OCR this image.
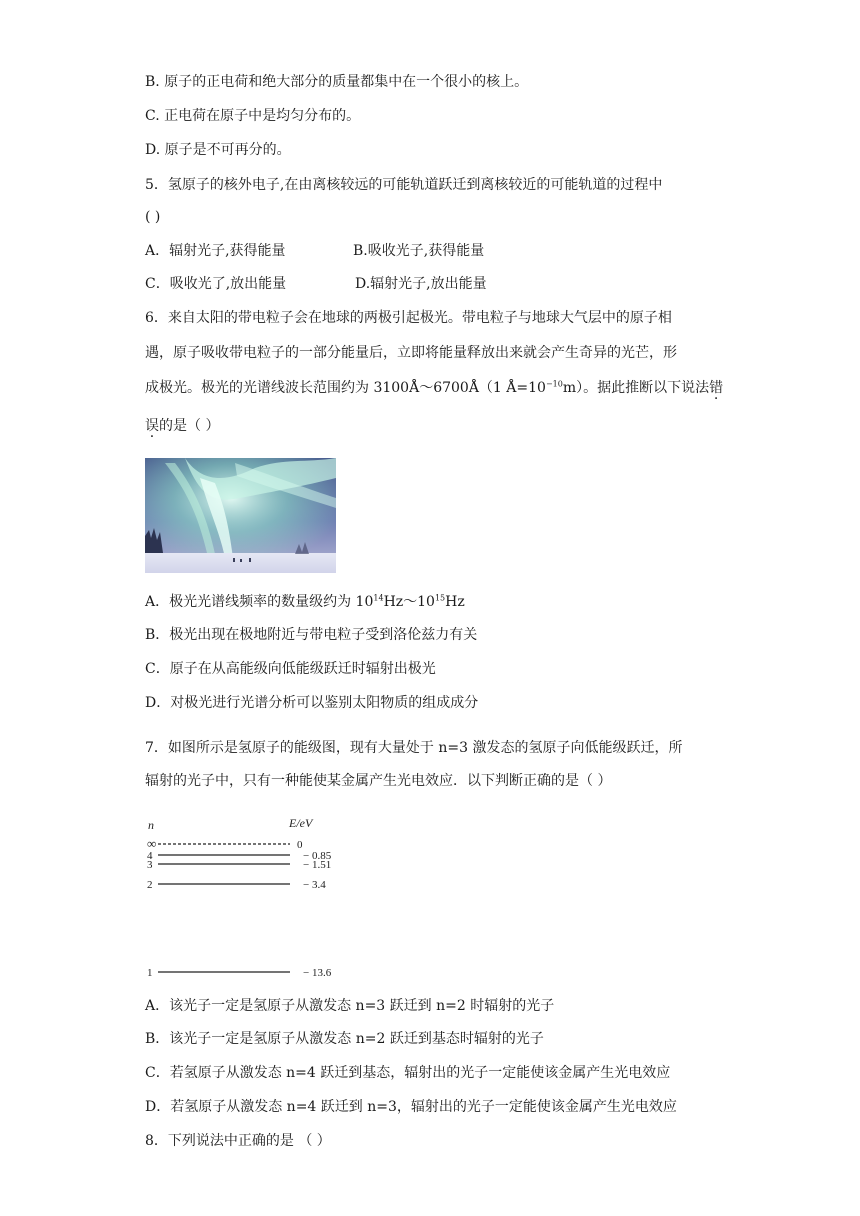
B. 原子的正电荷和绝大部分的质量都集中在一个很小的核上。
C. 正电荷在原子中是均匀分布的。
D. 原子是不可再分的。
5．氢原子的核外电子,在由离核较远的可能轨道跃迁到离核较近的可能轨道的过程中
( )
A．辐射光子,获得能量	B.吸收光子,获得能量
C．吸收光了,放出能量	D.辐射光子,放出能量
6．来自太阳的带电粒子会在地球的两极引起极光。带电粒子与地球大气层中的原子相
遇，原子吸收带电粒子的一部分能量后，立即将能量释放出来就会产生奇异的光芒，形
成极光。极光的光谱线波长范围约为 3100Å～6700Å（1 $Å=10^{-10}m$）。据此推断以下说法错
误的是（ ）
A．极光光谱线频率的数量级约为 $10^{14}Hz\sim 10^{15}Hz$
B．极光出现在极地附近与带电粒子受到洛伦兹力有关
C．原子在从高能级向低能级跃迁时辐射出极光
D．对极光进行光谱分析可以鉴别太阳物质的组成成分
7．如图所示是氢原子的能级图，现有大量处于 n=3 激发态的氢原子向低能级跃迁，所
辐射的光子中，只有一种能使某金属产生光电效应．以下判断正确的是（ ）
n	E/eV
∞	0
4	− 0.85
3	− 1.51
2	− 3.4
1	− 13.6
A．该光子一定是氢原子从激发态 n=3 跃迁到 n=2 时辐射的光子
B．该光子一定是氢原子从激发态 n=2 跃迁到基态时辐射的光子
C．若氢原子从激发态 n=4 跃迁到基态，辐射出的光子一定能使该金属产生光电效应
D．若氢原子从激发态 n=4 跃迁到 n=3，辐射出的光子一定能使该金属产生光电效应
8．下列说法中正确的是 （ ）
